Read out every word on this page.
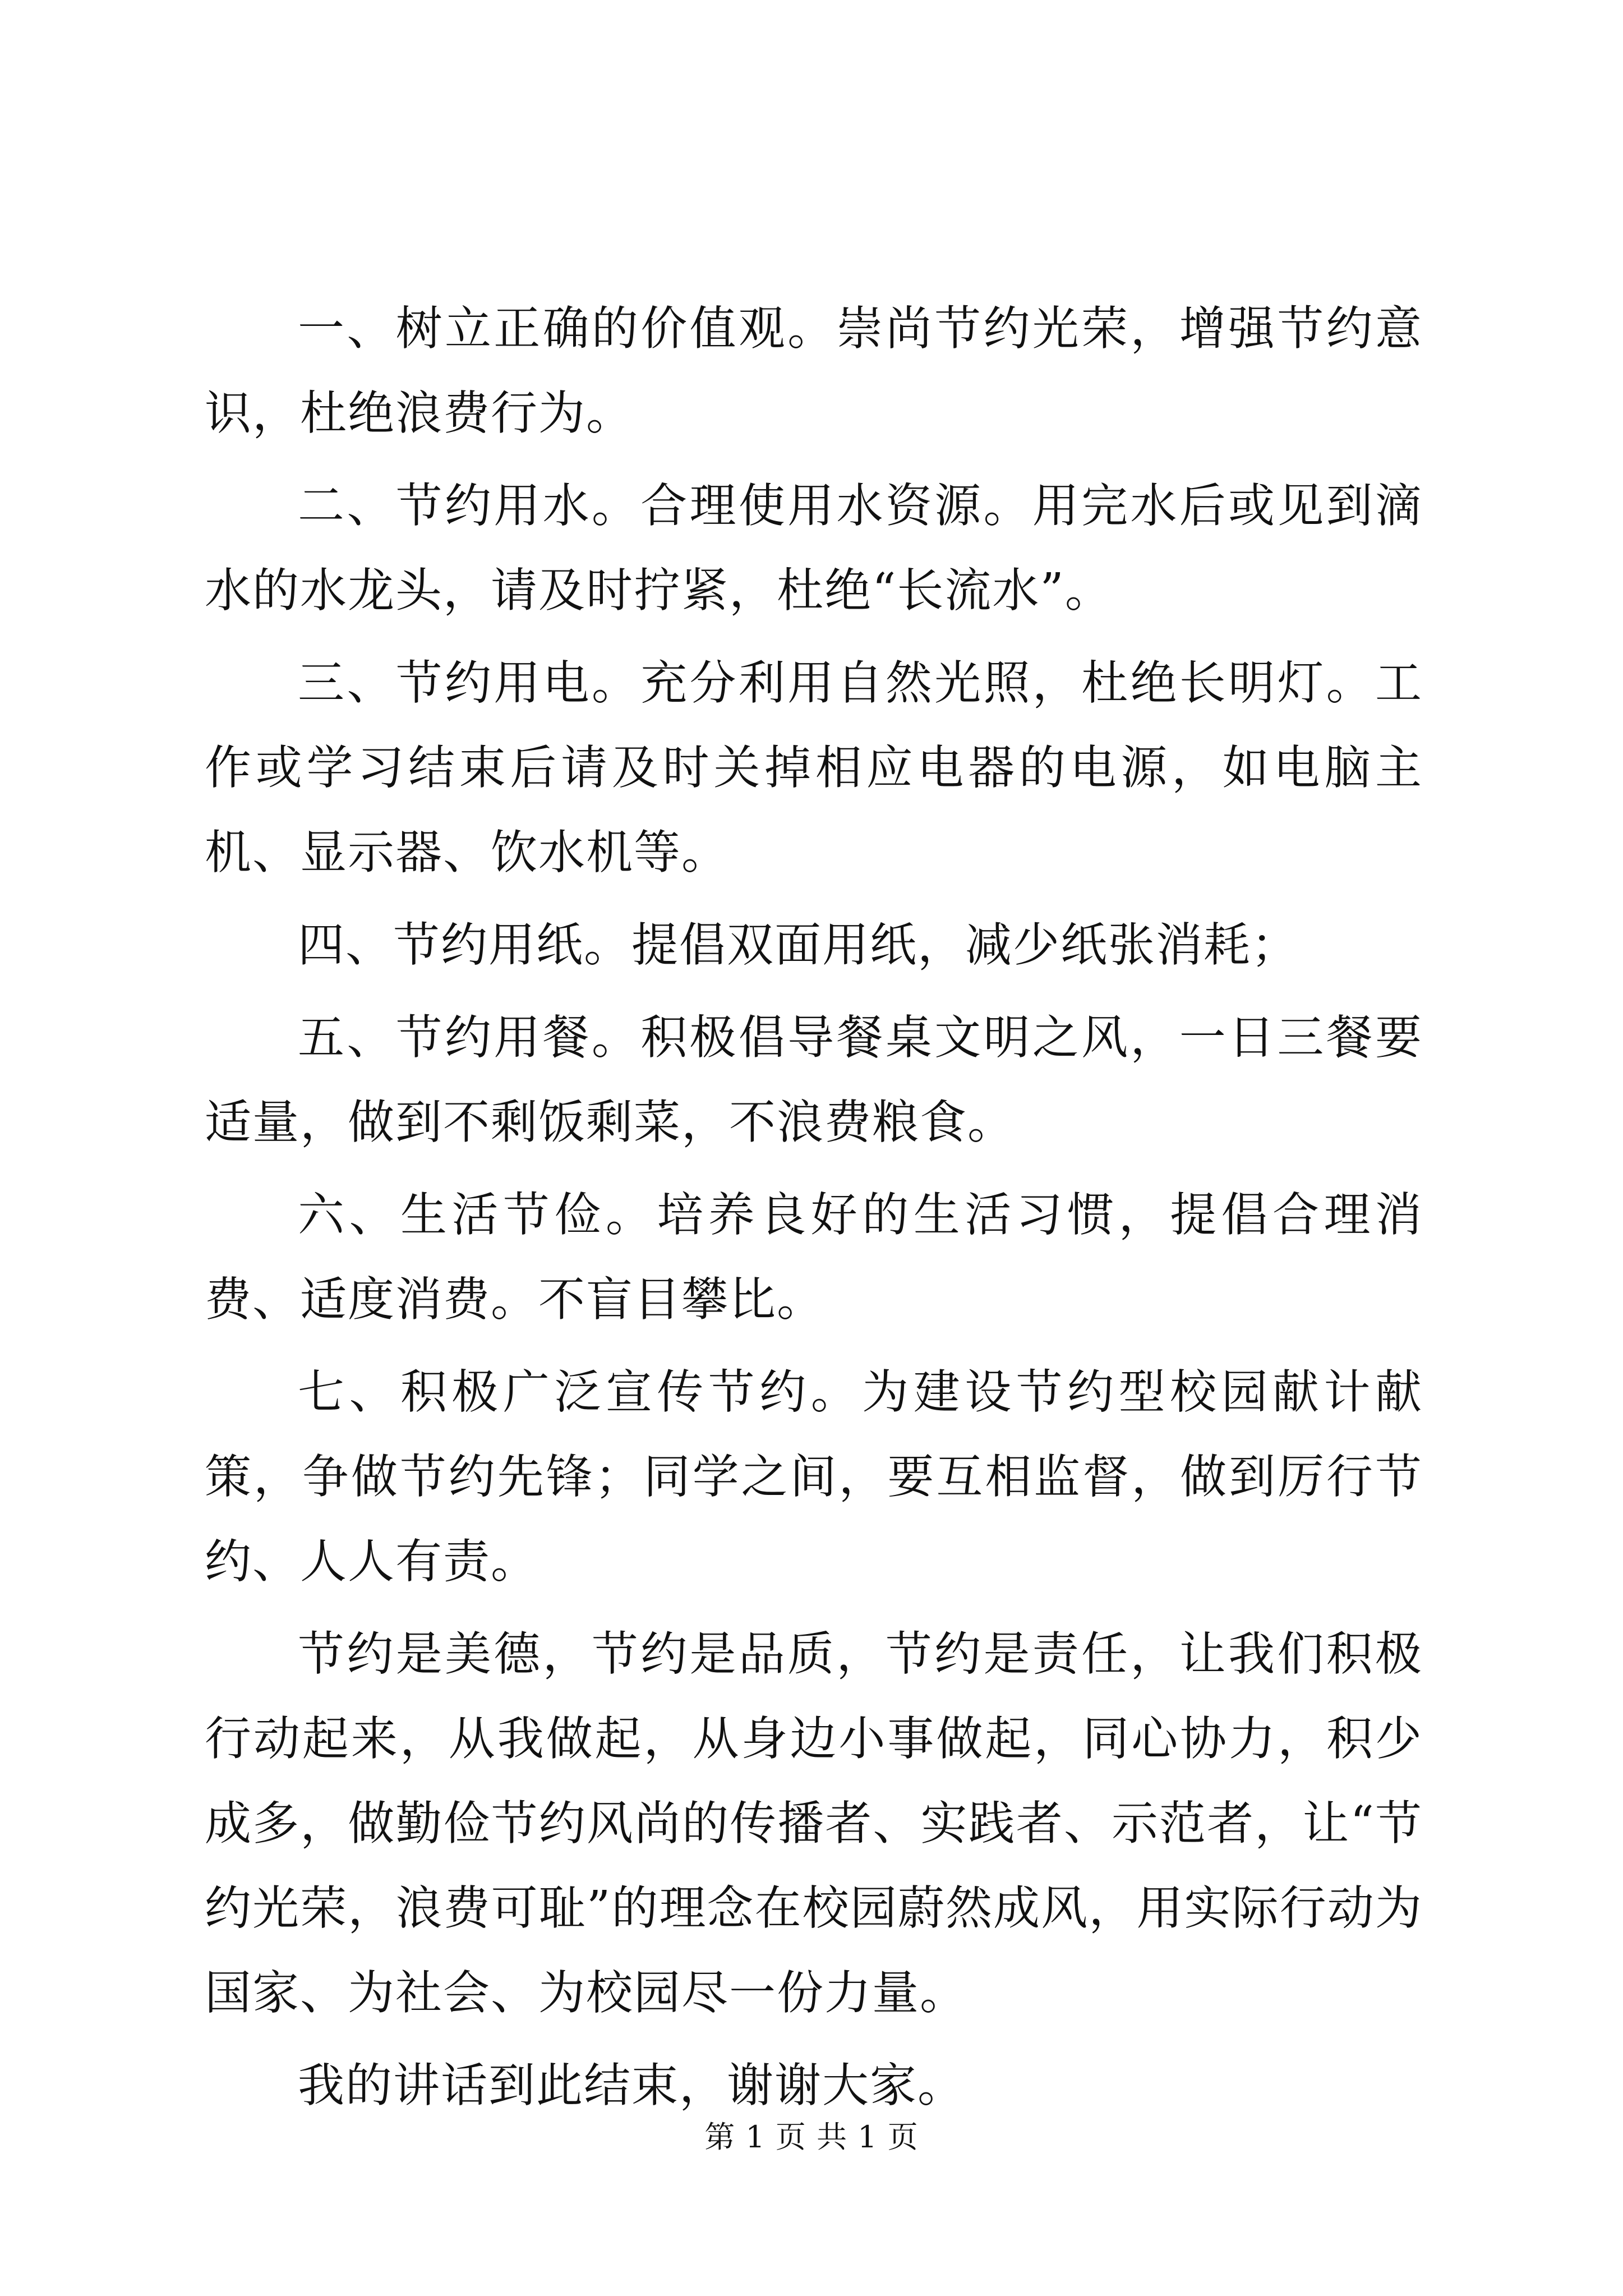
一、树立正确的价值观。崇尚节约光荣，增强节约意识，杜绝浪费行为。

二、节约用水。合理使用水资源。用完水后或见到滴水的水龙头，请及时拧紧，杜绝“长流水”。

三、节约用电。充分利用自然光照，杜绝长明灯。工作或学习结束后请及时关掉相应电器的电源，如电脑主机、显示器、饮水机等。

四、节约用纸。提倡双面用纸，减少纸张消耗；

五、节约用餐。积极倡导餐桌文明之风，一日三餐要适量，做到不剩饭剩菜，不浪费粮食。

六、生活节俭。培养良好的生活习惯，提倡合理消费、适度消费。不盲目攀比。

七、积极广泛宣传节约。为建设节约型校园献计献策，争做节约先锋；同学之间，要互相监督，做到厉行节约、人人有责。

节约是美德，节约是品质，节约是责任，让我们积极行动起来，从我做起，从身边小事做起，同心协力，积少成多，做勤俭节约风尚的传播者、实践者、示范者，让“节约光荣，浪费可耻”的理念在校园蔚然成风，用实际行动为国家、为社会、为校园尽一份力量。

我的讲话到此结束，谢谢大家。

第 1 页 共 1 页
